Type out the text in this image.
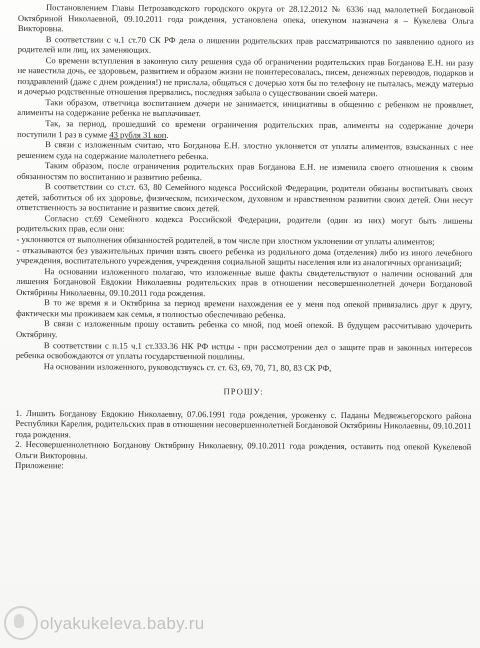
Постановлением Главы Петрозаводского городского округа от 28.12.2012 № 6336 над малолетней Богдановой Октябриной Николаевной, 09.10.2011 года рождения, установлена опека, опекуном назначена я – Кукелева Ольга Викторовна.

В соответствии с ч.1 ст.70 СК РФ дела о лишении родительских прав рассматриваются по заявлению одного из родителей или лиц, их заменяющих.

Со времени вступления в законную силу решения суда об ограничении родительских прав Богданова Е.Н. ни разу не навестила дочь, ее здоровьем, развитием и образом жизни не поинтересовалась, писем, денежных переводов, подарков и поздравлений (даже с днем рождения!) не прислала, общаться с дочерью хотя бы по телефону не пыталась, между матерью и дочерью родственные отношения прервались, последняя забыла о существовании своей матери.

Таки образом, ответчица воспитанием дочери не занимается, инициативы в общению с ребенком не проявляет, алименты на содержание ребенка не выплачивает.

Так, за период, прошедший со времени ограничения родительских прав, алименты на содержание дочери поступили 1 раз в сумме 43 рубля 31 коп.

В связи с изложенным считаю, что Богданова Е.Н. злостно уклоняется от уплаты алиментов, взысканных с нее решением суда на содержание малолетнего ребенка.

Таким образом, после ограничения родительских прав Богданова Е.Н. не изменила своего отношения к своим обязанностям по воспитанию и развитию ребенка.

В соответствии со ст.ст. 63, 80 Семейного кодекса Российской Федерации, родители обязаны воспитывать своих детей, заботиться об их здоровье, физическом, психическом, духовном и нравственном развитии своих детей. Они несут ответственность за воспитание и развитие своих детей.

Согласно ст.69 Семейного кодекса Российской Федерации, родители (один из них) могут быть лишены родительских прав, если они:

- уклоняются от выполнения обязанностей родителей, в том числе при злостном уклонении от уплаты алиментов;

- отказываются без уважительных причин взять своего ребенка из родильного дома (отделения) либо из иного лечебного учреждения, воспитательного учреждения, учреждения социальной защиты населения или из аналогичных организаций;

На основании изложенного полагаю, что изложенные выше факты свидетельствуют о наличии оснований для лишения Богдановой Евдокии Николаевны родительских прав в отношении несовершеннолетней дочери Богдановой Октябрины Николаевны, 09.10.2011 года рождения.

В то же время я и Октябрина за период времени нахождения ее у меня под опекой привязались друг к другу, фактически мы проживаем как семья, я полностью обеспечиваю ребенка.

В связи с изложенным прошу оставить ребенка со мной, под моей опекой. В будущем рассчитываю удочерить Октябрину.

В соответствии с п.15 ч.1 ст.333.36 НК РФ истцы - при рассмотрении дел о защите прав и законных интересов ребенка освобождаются от уплаты государственной пошлины.

На основании изложенного, руководствуясь ст. ст. 63, 69, 70, 71, 80, 83 СК РФ,

ПРОШУ:

1. Лишить Богданову Евдокию Николаевну, 07.06.1991 года рождения, уроженку с. Паданы Медвежьегорского района Республики Карелия, родительских прав в отношении несовершеннолетней Богдановой Октябрины Николаевны, 09.10.2011 года рождения.

2. Несовершеннолетнюю Богданову Октябрину Николаевну, 09.10.2011 года рождения, оставить под опекой Кукелевой Ольги Викторовны.

Приложение:

olyakukeleva.baby.ru
